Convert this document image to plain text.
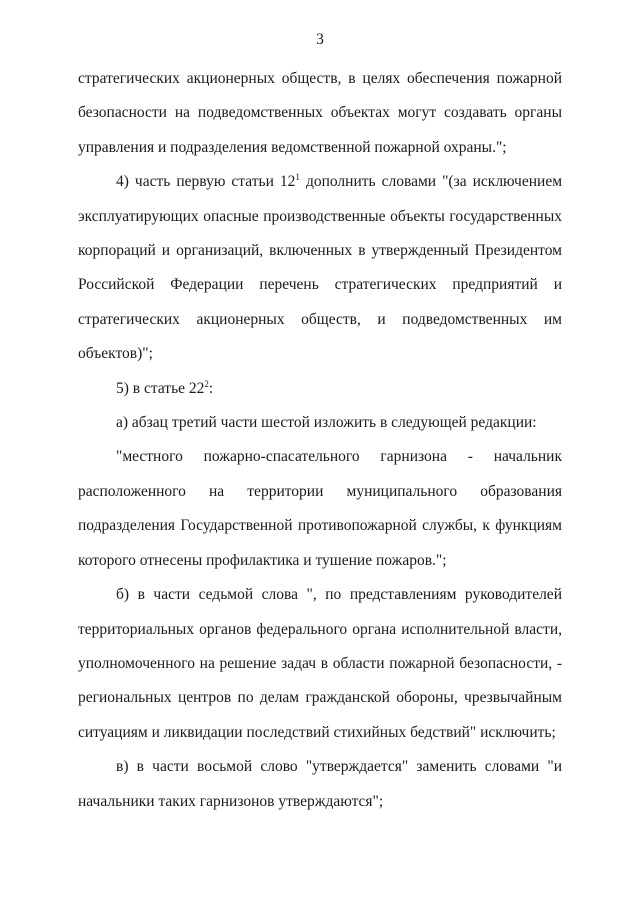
3

стратегических акционерных обществ, в целях обеспечения пожарной безопасности на подведомственных объектах могут создавать органы управления и подразделения ведомственной пожарной охраны.";

4) часть первую статьи $12^1$ дополнить словами "(за исключением эксплуатирующих опасные производственные объекты государственных корпораций и организаций, включенных в утвержденный Президентом Российской Федерации перечень стратегических предприятий и стратегических акционерных обществ, и подведомственных им объектов)";

5) в статье $22^2$:

а) абзац третий части шестой изложить в следующей редакции:

"местного пожарно-спасательного гарнизона - начальник расположенного на территории муниципального образования подразделения Государственной противопожарной службы, к функциям которого отнесены профилактика и тушение пожаров.";

б) в части седьмой слова ", по представлениям руководителей территориальных органов федерального органа исполнительной власти, уполномоченного на решение задач в области пожарной безопасности, - региональных центров по делам гражданской обороны, чрезвычайным ситуациям и ликвидации последствий стихийных бедствий" исключить;

в) в части восьмой слово "утверждается" заменить словами "и начальники таких гарнизонов утверждаются";
